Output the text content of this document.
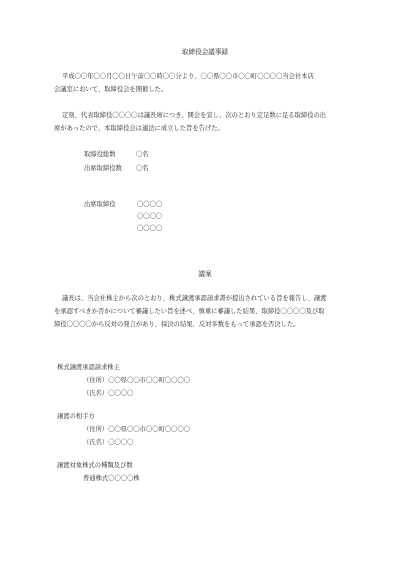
取締役会議事録
平成〇〇年〇〇月〇〇日午前〇〇時〇〇分より、〇〇県〇〇市〇〇町〇〇〇〇当会社本店
会議室において、取締役会を開催した。
定刻、代表取締役〇〇〇〇は議長席につき、開会を宣し、次のとおり定足数に足る取締役の出
席があったので、本取締役会は適法に成立した旨を告げた。
取締役総数	〇名
出席取締役数 〇名
出席取締役	〇〇〇〇
〇〇〇〇
〇〇〇〇
議案
議長は、当会社株主から次のとおり、株式譲渡承認請求書が提出されている旨を報告し、譲渡
を承認すべきか否かについて審議したい旨を述べ、慎重に審議した結果、取締役〇〇〇〇及び取
締役〇〇〇〇から反対の発言があり、採決の結果、反対多数をもって承認を否決した。
株式譲渡承認請求株主
（住所）〇〇県〇〇市〇〇町〇〇〇〇
（氏名）〇〇〇〇
譲渡の相手方
（住所）〇〇県〇〇市〇〇町〇〇〇〇
（氏名）〇〇〇〇
譲渡対象株式の種類及び数
普通株式〇〇〇〇株
